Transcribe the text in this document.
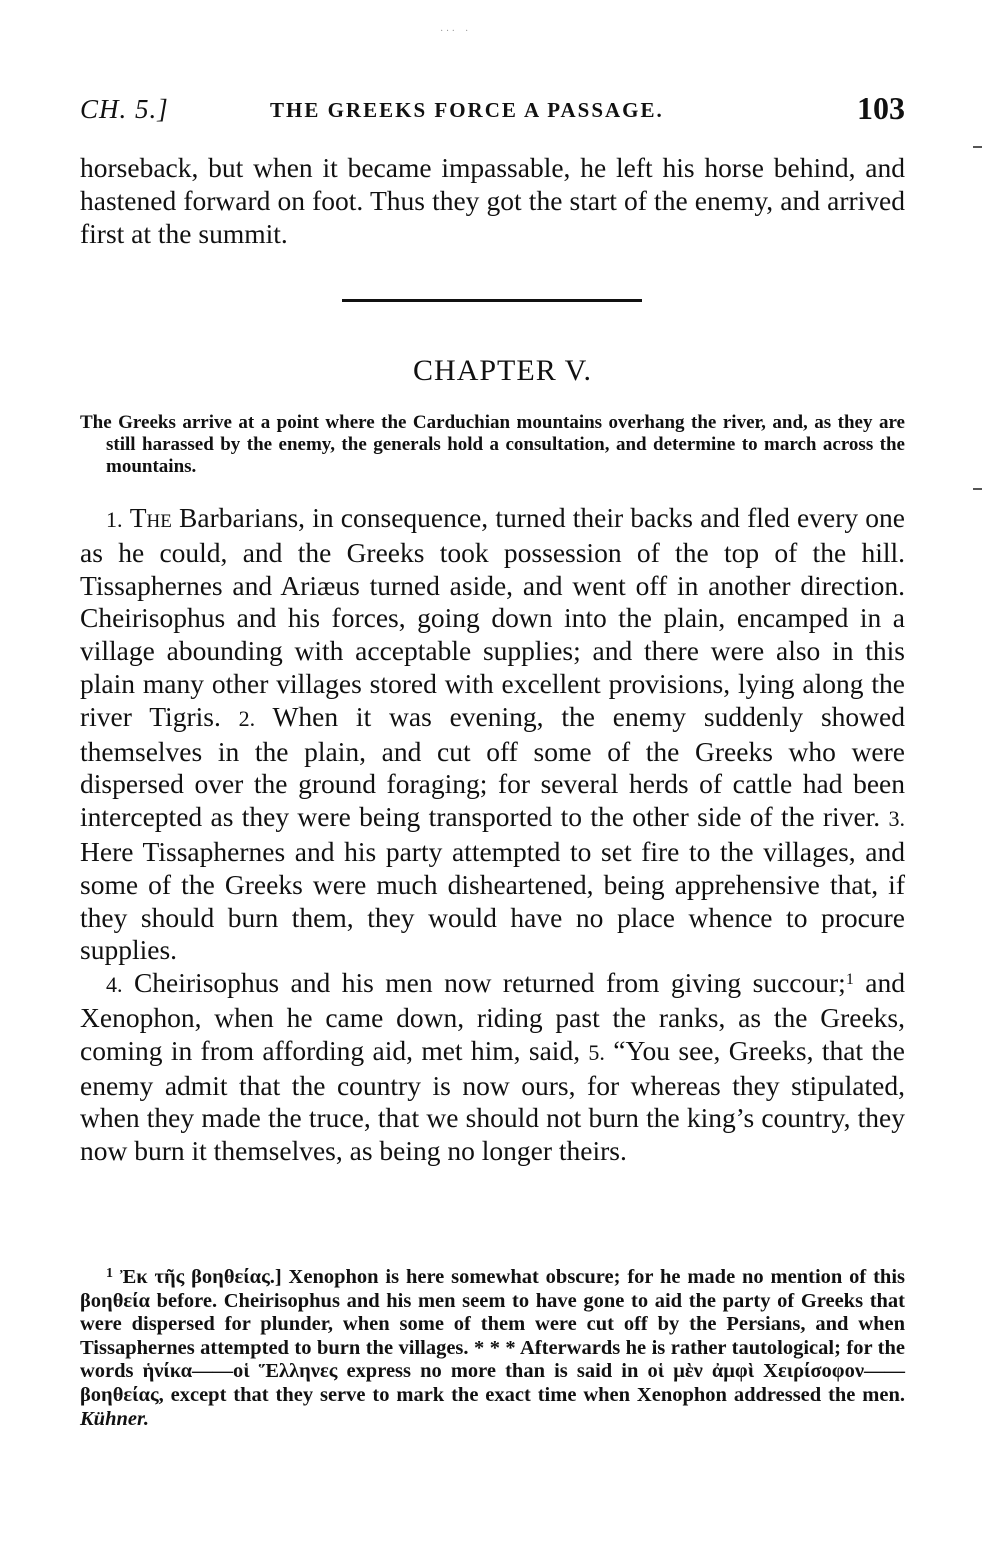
· · ·    ·
CH. 5.]	THE GREEKS FORCE A PASSAGE.	103
horseback, but when it became impassable, he left his horse behind, and hastened forward on foot. Thus they got the start of the enemy, and arrived first at the summit.
CHAPTER V.

The Greeks arrive at a point where the Carduchian mountains overhang the river, and, as they are still harassed by the enemy, the generals hold a consultation, and determine to march across the mountains.

1. The Barbarians, in consequence, turned their backs and fled every one as he could, and the Greeks took possession of the top of the hill. Tissaphernes and Ariæus turned aside, and went off in another direction. Cheirisophus and his forces, going down into the plain, encamped in a village abounding with acceptable supplies; and there were also in this plain many other villages stored with excellent provisions, lying along the river Tigris. 2. When it was evening, the enemy suddenly showed themselves in the plain, and cut off some of the Greeks who were dispersed over the ground foraging; for several herds of cattle had been intercepted as they were being transported to the other side of the river. 3. Here Tissaphernes and his party attempted to set fire to the villages, and some of the Greeks were much disheartened, being apprehensive that, if they should burn them, they would have no place whence to procure supplies.

4. Cheirisophus and his men now returned from giving succour;$^1$ and Xenophon, when he came down, riding past the ranks, as the Greeks, coming in from affording aid, met him, said, 5. “You see, Greeks, that the enemy admit that the country is now ours, for whereas they stipulated, when they made the truce, that we should not burn the king’s country, they now burn it themselves, as being no longer theirs.

$^1$ Ἐκ τῆς βοηθείας.] Xenophon is here somewhat obscure; for he made no mention of this βοηθεία before. Cheirisophus and his men seem to have gone to aid the party of Greeks that were dispersed for plunder, when some of them were cut off by the Persians, and when Tissaphernes attempted to burn the villages. * * * Afterwards he is rather tautological; for the words ἡνίκα——οἱ Ἕλληνες express no more than is said in οἱ μὲν ἀμφὶ Χειρίσοφον——βοηθείας, except that they serve to mark the exact time when Xenophon addressed the men. Kühner.
